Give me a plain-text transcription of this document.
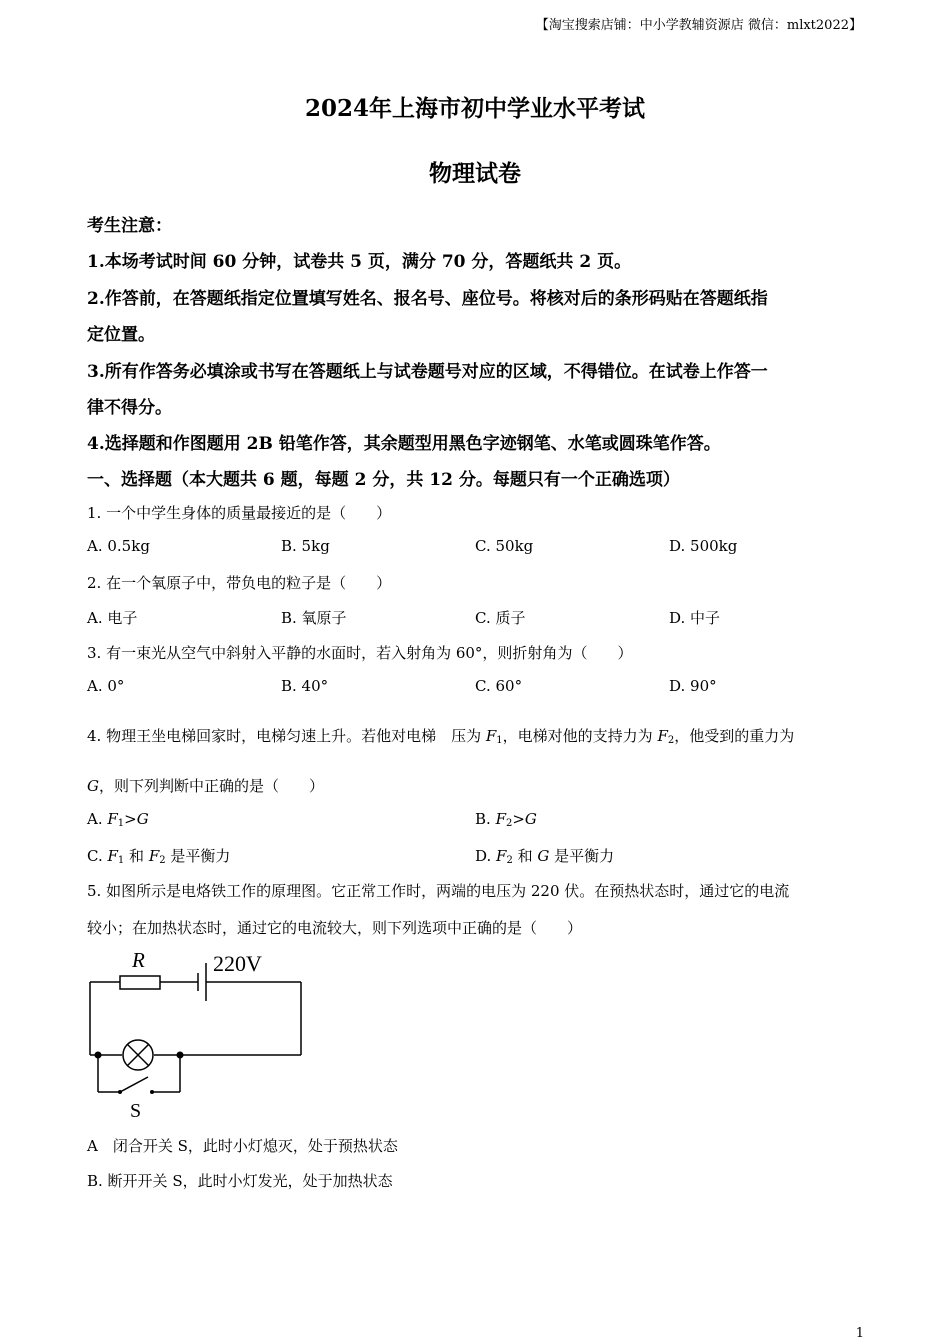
【淘宝搜索店铺：中小学教辅资源店 微信：mlxt2022】
2024年上海市初中学业水平考试
物理试卷
考生注意：
1.本场考试时间 60 分钟，试卷共 5 页，满分 70 分，答题纸共 2 页。
2.作答前，在答题纸指定位置填写姓名、报名号、座位号。将核对后的条形码贴在答题纸指
定位置。
3.所有作答务必填涂或书写在答题纸上与试卷题号对应的区域，不得错位。在试卷上作答一
律不得分。
4.选择题和作图题用 2B 铅笔作答，其余题型用黑色字迹钢笔、水笔或圆珠笔作答。
一、选择题（本大题共 6 题，每题 2 分，共 12 分。每题只有一个正确选项）
1. 一个中学生身体的质量最接近的是（　　）
A. 0.5kg	B. 5kg	C. 50kg	D. 500kg
2. 在一个氧原子中，带负电的粒子是（　　）
A. 电子	B. 氧原子	C. 质子	D. 中子
3. 有一束光从空气中斜射入平静的水面时，若入射角为 60°，则折射角为（　　）
A. 0°	B. 40°	C. 60°	D. 90°
4. 物理王坐电梯回家时，电梯匀速上升。若他对电梯　压为 $F_1$，电梯对他的支持力为 $F_2$，他受到的重力为
G，则下列判断中正确的是（　　）
A. $F_1>G$	B. $F_2>G$
C. $F_1$ 和 $F_2$ 是平衡力	D. $F_2$ 和 G 是平衡力
5. 如图所示是电烙铁工作的原理图。它正常工作时，两端的电压为 220 伏。在预热状态时，通过它的电流
较小；在加热状态时，通过它的电流较大，则下列选项中正确的是（　　）
R	220V
S
A　闭合开关 S，此时小灯熄灭，处于预热状态
B. 断开开关 S，此时小灯发光，处于加热状态
1
